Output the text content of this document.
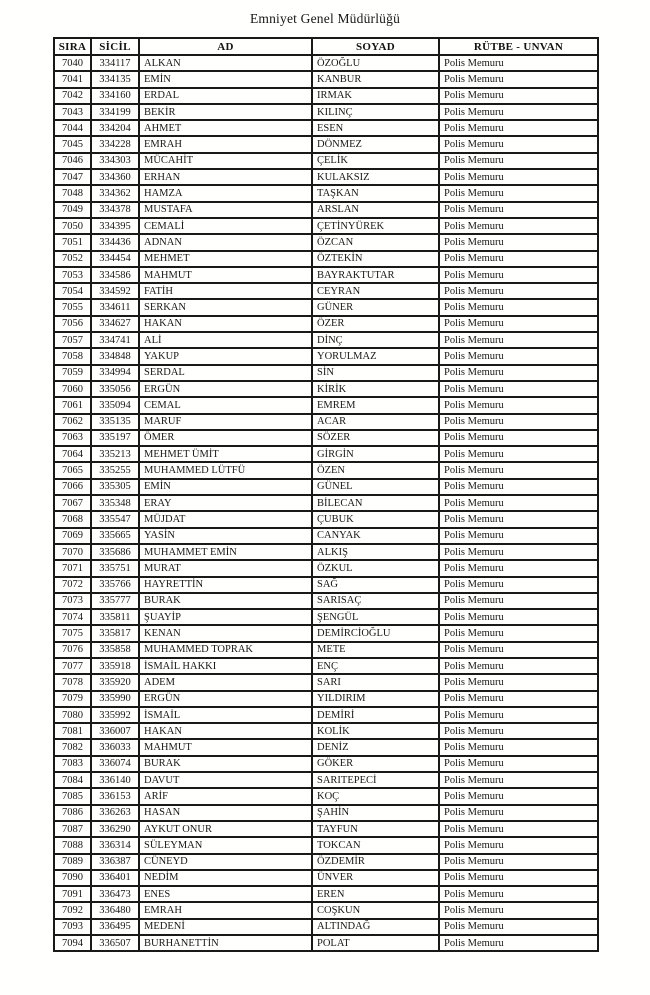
Emniyet Genel Müdürlüğü
SIRA	SİCİL	AD	SOYAD	RÜTBE - UNVAN
7040	334117	ALKAN	ÖZOĞLU	Polis Memuru
7041	334135	EMİN	KANBUR	Polis Memuru
7042	334160	ERDAL	IRMAK	Polis Memuru
7043	334199	BEKİR	KILINÇ	Polis Memuru
7044	334204	AHMET	ESEN	Polis Memuru
7045	334228	EMRAH	DÖNMEZ	Polis Memuru
7046	334303	MÜCAHİT	ÇELİK	Polis Memuru
7047	334360	ERHAN	KULAKSIZ	Polis Memuru
7048	334362	HAMZA	TAŞKAN	Polis Memuru
7049	334378	MUSTAFA	ARSLAN	Polis Memuru
7050	334395	CEMALİ	ÇETİNYÜREK	Polis Memuru
7051	334436	ADNAN	ÖZCAN	Polis Memuru
7052	334454	MEHMET	ÖZTEKİN	Polis Memuru
7053	334586	MAHMUT	BAYRAKTUTAR	Polis Memuru
7054	334592	FATİH	CEYRAN	Polis Memuru
7055	334611	SERKAN	GÜNER	Polis Memuru
7056	334627	HAKAN	ÖZER	Polis Memuru
7057	334741	ALİ	DİNÇ	Polis Memuru
7058	334848	YAKUP	YORULMAZ	Polis Memuru
7059	334994	SERDAL	SİN	Polis Memuru
7060	335056	ERGÜN	KİRİK	Polis Memuru
7061	335094	CEMAL	EMREM	Polis Memuru
7062	335135	MARUF	ACAR	Polis Memuru
7063	335197	ÖMER	SÖZER	Polis Memuru
7064	335213	MEHMET ÜMİT	GİRGİN	Polis Memuru
7065	335255	MUHAMMED LÜTFÜ	ÖZEN	Polis Memuru
7066	335305	EMİN	GÜNEL	Polis Memuru
7067	335348	ERAY	BİLECAN	Polis Memuru
7068	335547	MÜJDAT	ÇUBUK	Polis Memuru
7069	335665	YASİN	CANYAK	Polis Memuru
7070	335686	MUHAMMET EMİN	ALKIŞ	Polis Memuru
7071	335751	MURAT	ÖZKUL	Polis Memuru
7072	335766	HAYRETTİN	SAĞ	Polis Memuru
7073	335777	BURAK	SARISAÇ	Polis Memuru
7074	335811	ŞUAYİP	ŞENGÜL	Polis Memuru
7075	335817	KENAN	DEMİRCİOĞLU	Polis Memuru
7076	335858	MUHAMMED TOPRAK	METE	Polis Memuru
7077	335918	İSMAİL HAKKI	ENÇ	Polis Memuru
7078	335920	ADEM	SARI	Polis Memuru
7079	335990	ERGÜN	YILDIRIM	Polis Memuru
7080	335992	İSMAİL	DEMİRİ	Polis Memuru
7081	336007	HAKAN	KOLİK	Polis Memuru
7082	336033	MAHMUT	DENİZ	Polis Memuru
7083	336074	BURAK	GÖKER	Polis Memuru
7084	336140	DAVUT	SARITEPECİ	Polis Memuru
7085	336153	ARİF	KOÇ	Polis Memuru
7086	336263	HASAN	ŞAHİN	Polis Memuru
7087	336290	AYKUT ONUR	TAYFUN	Polis Memuru
7088	336314	SÜLEYMAN	TOKCAN	Polis Memuru
7089	336387	CÜNEYD	ÖZDEMİR	Polis Memuru
7090	336401	NEDİM	ÜNVER	Polis Memuru
7091	336473	ENES	EREN	Polis Memuru
7092	336480	EMRAH	COŞKUN	Polis Memuru
7093	336495	MEDENİ	ALTINDAĞ	Polis Memuru
7094	336507	BURHANETTİN	POLAT	Polis Memuru
